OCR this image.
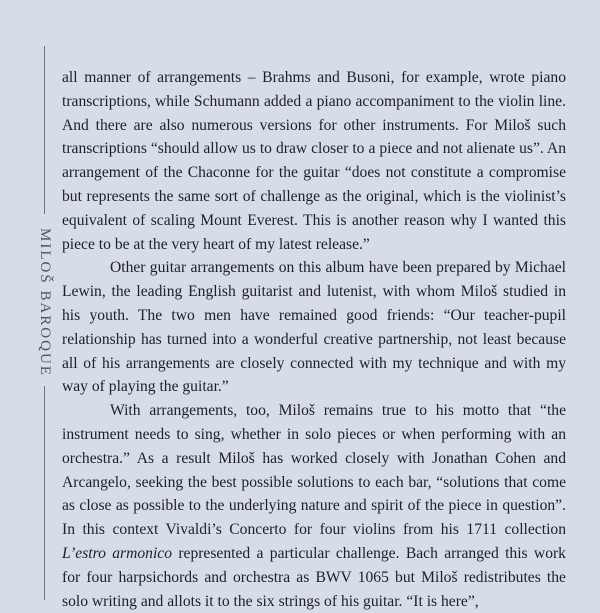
MILOŠ BAROQUE

all manner of arrangements – Brahms and Busoni, for example, wrote piano transcriptions, while Schumann added a piano accompaniment to the violin line. And there are also numerous versions for other instruments. For Miloš such transcriptions “should allow us to draw closer to a piece and not alienate us”. An arrangement of the Chaconne for the guitar “does not constitute a compromise but represents the same sort of challenge as the original, which is the violinist’s equivalent of scaling Mount Everest. This is another reason why I wanted this piece to be at the very heart of my latest release.”

Other guitar arrangements on this album have been prepared by Michael Lewin, the leading English guitarist and lutenist, with whom Miloš studied in his youth. The two men have remained good friends: “Our teacher-pupil relationship has turned into a wonderful creative partnership, not least because all of his arrangements are closely connected with my technique and with my way of playing the guitar.”

With arrangements, too, Miloš remains true to his motto that “the instrument needs to sing, whether in solo pieces or when performing with an orchestra.” As a result Miloš has worked closely with Jonathan Cohen and Arcangelo, seeking the best possible solutions to each bar, “solutions that come as close as possible to the underlying nature and spirit of the piece in question”. In this context Vivaldi’s Concerto for four violins from his 1711 collection L’estro armonico represented a particular challenge. Bach arranged this work for four harpsichords and orchestra as BWV 1065 but Miloš redistributes the solo writing and allots it to the six strings of his guitar. “It is here”,
